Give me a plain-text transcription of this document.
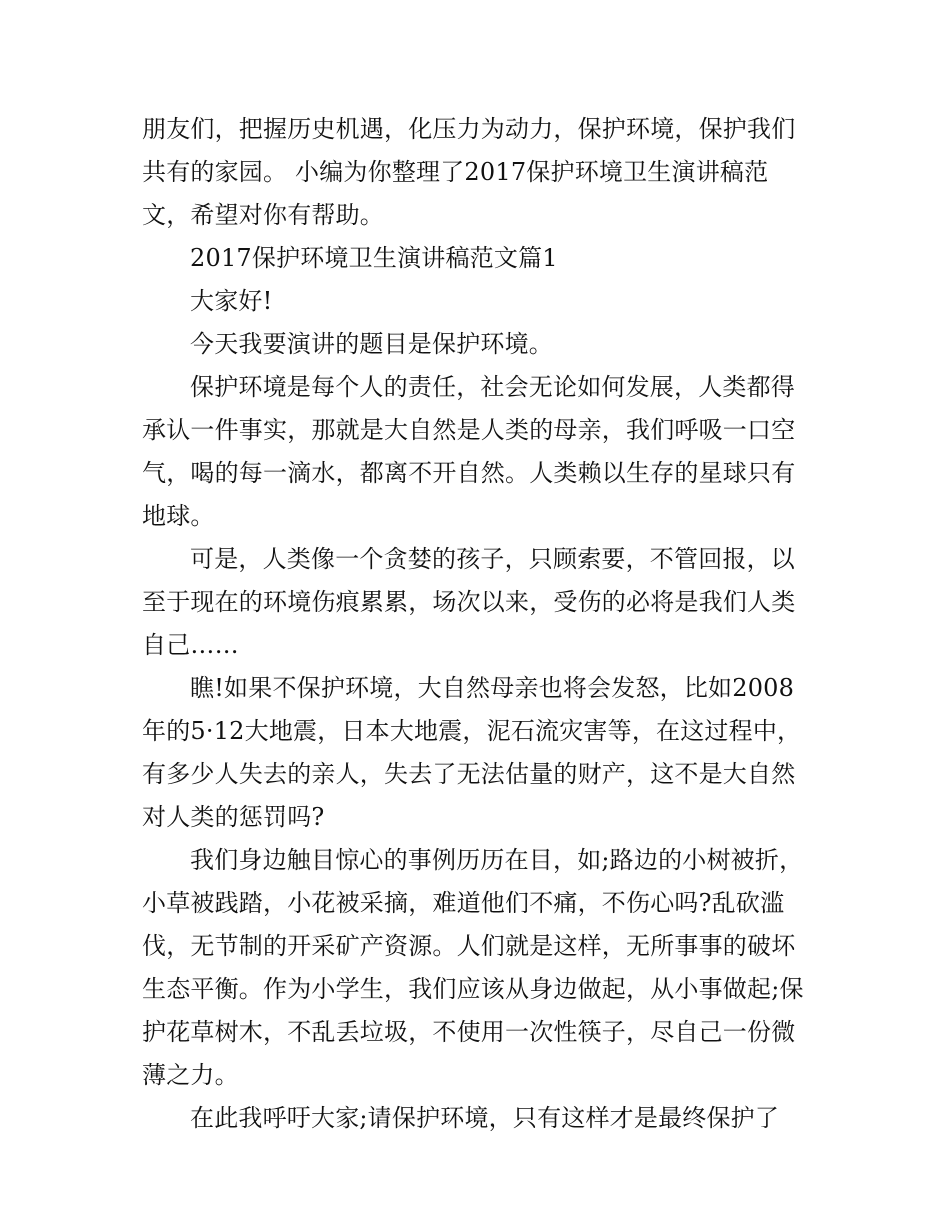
朋友们，把握历史机遇，化压力为动力，保护环境，保护我们共有的家园。 小编为你整理了2017保护环境卫生演讲稿范文，希望对你有帮助。

2017保护环境卫生演讲稿范文篇1

大家好!

今天我要演讲的题目是保护环境。

保护环境是每个人的责任，社会无论如何发展，人类都得承认一件事实，那就是大自然是人类的母亲，我们呼吸一口空气，喝的每一滴水，都离不开自然。人类赖以生存的星球只有地球。

可是，人类像一个贪婪的孩子，只顾索要，不管回报，以至于现在的环境伤痕累累，场次以来，受伤的必将是我们人类自己……

瞧!如果不保护环境，大自然母亲也将会发怒，比如2008年的5·12大地震，日本大地震，泥石流灾害等，在这过程中，有多少人失去的亲人，失去了无法估量的财产，这不是大自然对人类的惩罚吗?

我们身边触目惊心的事例历历在目，如;路边的小树被折，小草被践踏，小花被采摘，难道他们不痛，不伤心吗?乱砍滥伐，无节制的开采矿产资源。人们就是这样，无所事事的破坏生态平衡。作为小学生，我们应该从身边做起，从小事做起;保护花草树木，不乱丢垃圾，不使用一次性筷子，尽自己一份微薄之力。

在此我呼吁大家;请保护环境，只有这样才是最终保护了
